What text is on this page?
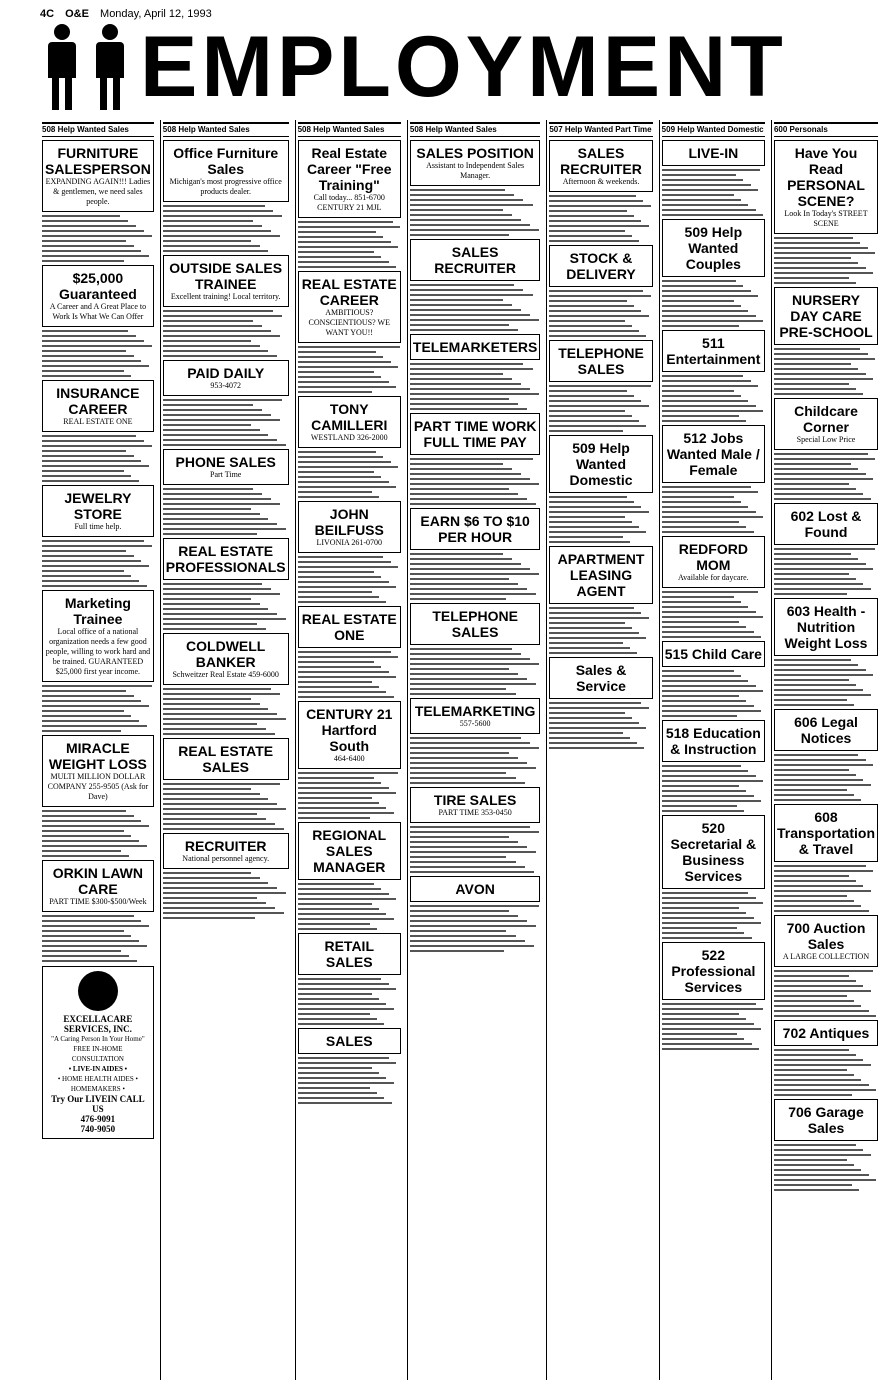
4C O&E Monday, April 12, 1993
EMPLOYMENT
508 Help Wanted Sales
FURNITURE SALESPERSON
EXPANDING AGAIN!!! Ladies & gentlemen, we need sales people.
$25,000 Guaranteed
A Career and A Great Place to Work Is What We Can Offer
INSURANCE CAREER
REAL ESTATE ONE
JEWELRY STORE
Full time help.
Marketing Trainee
Local office of a national organization needs a few good people, willing to work hard and be trained. GUARANTEED $25,000 first year income.
MIRACLE WEIGHT LOSS
MULTI MILLION DOLLAR COMPANY 255-9505 (Ask for Dave)
ORKIN LAWN CARE
PART TIME $300-$500/Week
EXCELLACARE SERVICES, INC.
"A Caring Person In Your Home"
FREE IN-HOME CONSULTATION
• LIVE-IN AIDES •
• HOME HEALTH AIDES • HOMEMAKERS •
Try Our LIVEIN CALL US
476-9091
740-9050
508 Help Wanted Sales
Office Furniture Sales
Michigan's most progressive office products dealer.
OUTSIDE SALES TRAINEE
Excellent training! Local territory.
PAID DAILY
953-4072
PHONE SALES
Part Time
REAL ESTATE PROFESSIONALS
COLDWELL BANKER
Schweitzer Real Estate 459-6000
REAL ESTATE SALES
RECRUITER
National personnel agency.
508 Help Wanted Sales
Real Estate Career "Free Training"
Call today... 851-6700 CENTURY 21 MJL
REAL ESTATE CAREER
AMBITIOUS? CONSCIENTIOUS? WE WANT YOU!!
TONY CAMILLERI
WESTLAND 326-2000
JOHN BEILFUSS
LIVONIA 261-0700
REAL ESTATE ONE
CENTURY 21 Hartford South
464-6400
REGIONAL SALES MANAGER
RETAIL SALES
SALES
508 Help Wanted Sales
SALES POSITION
Assistant to Independent Sales Manager.
SALES RECRUITER
TELEMARKETERS
PART TIME WORK FULL TIME PAY
EARN $6 TO $10 PER HOUR
TELEPHONE SALES
TELEMARKETING
557-5600
TIRE SALES
PART TIME 353-0450
AVON
507 Help Wanted Part Time
SALES RECRUITER
Afternoon & weekends.
STOCK & DELIVERY
TELEPHONE SALES
509 Help Wanted Domestic
APARTMENT LEASING AGENT
Sales & Service
509 Help Wanted Domestic
LIVE-IN
509 Help Wanted Couples
511 Entertainment
512 Jobs Wanted Male / Female
REDFORD MOM
Available for daycare.
515 Child Care
518 Education & Instruction
520 Secretarial & Business Services
522 Professional Services
600 Personals
Have You Read PERSONAL SCENE?
Look In Today's STREET SCENE
NURSERY DAY CARE PRE-SCHOOL
Childcare Corner
Special Low Price
602 Lost & Found
603 Health - Nutrition Weight Loss
606 Legal Notices
608 Transportation & Travel
700 Auction Sales
A LARGE COLLECTION
702 Antiques
706 Garage Sales
